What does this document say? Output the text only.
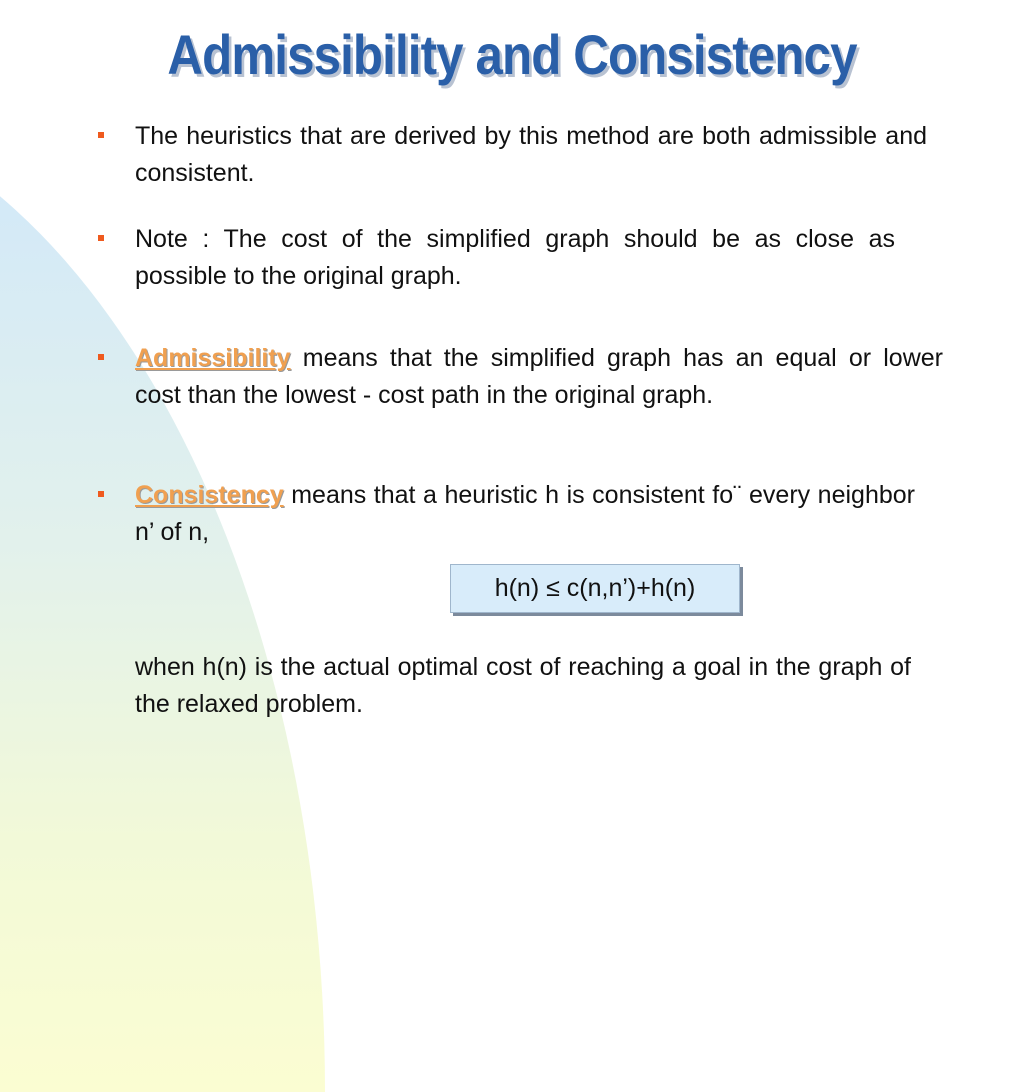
Admissibility and Consistency
The heuristics that are derived by this method are both admissible and consistent.
Note : The cost of the simplified graph should be as close as possible to the original graph.
Admissibility means that the simplified graph has an equal or lower cost than the lowest - cost path in the original graph.
Consistency means that a heuristic h is consistent fo¨ every neighbor n’ of n,
h(n) ≤ c(n,n’)+h(n)
when h(n) is the actual optimal cost of reaching a goal in the graph of the relaxed problem.
